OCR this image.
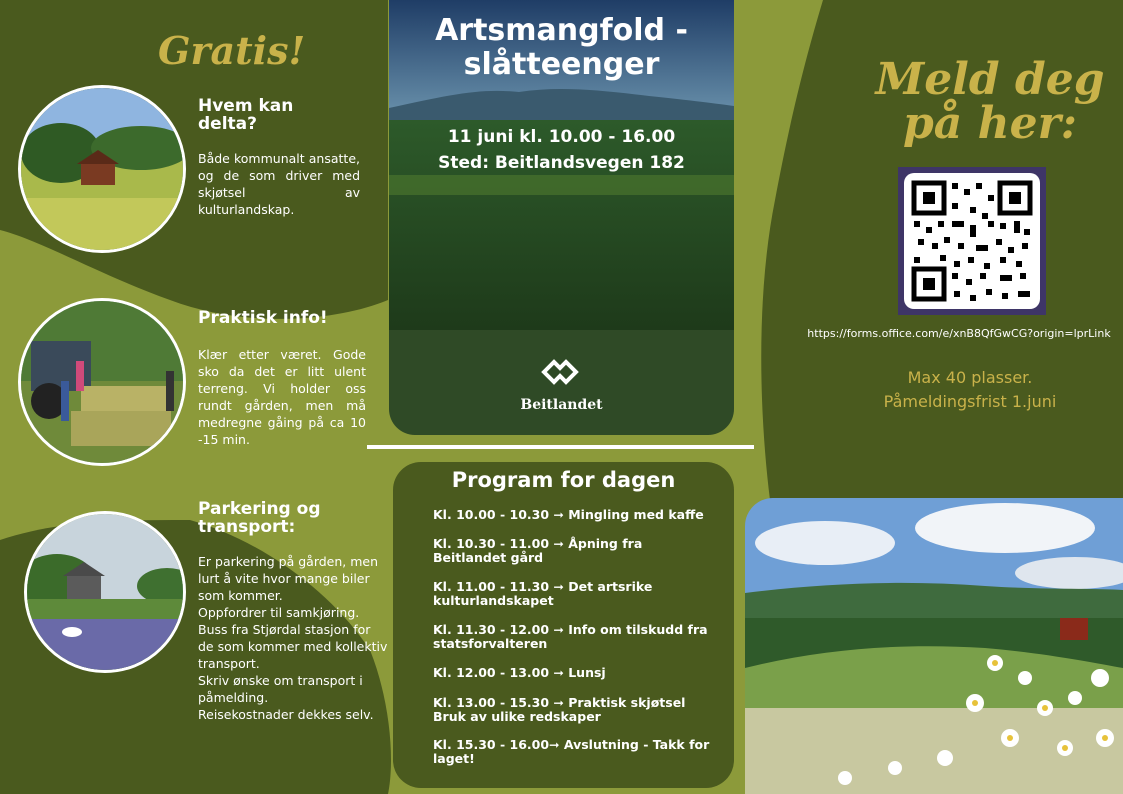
Gratis!
Hvem kan delta?
Både kommunalt ansatte, og de som driver med skjøtsel av kulturlandskap.
Praktisk info!
Klær etter været. Gode sko da det er litt ulent terreng. Vi holder oss rundt gården, men må medregne gåing på ca 10 -15 min.
Parkering og transport:
Er parkering på gården, men lurt å vite hvor mange biler som kommer.
Oppfordrer til samkjøring.
Buss fra Stjørdal stasjon for de som kommer med kollektiv transport.
Skriv ønske om transport i påmelding.
Reisekostnader dekkes selv.
Artsmangfold -
slåtteenger
11 juni kl. 10.00 - 16.00
Sted: Beitlandsvegen 182
Beitlandet
Program for dagen
Kl. 10.00 - 10.30 ➞ Mingling med kaffe
Kl. 10.30 - 11.00 ➞ Åpning fra
Beitlandet gård
Kl. 11.00 - 11.30 ➞ Det artsrike
kulturlandskapet
Kl. 11.30 - 12.00 ➞ Info om tilskudd fra
statsforvalteren
Kl. 12.00 - 13.00 ➞ Lunsj
Kl. 13.00 - 15.30 ➞ Praktisk skjøtsel
Bruk av ulike redskaper
Kl. 15.30 - 16.00➞ Avslutning - Takk for
laget!
Meld deg
på her:
https://forms.office.com/e/xnB8QfGwCG?origin=lprLink
Max 40 plasser.
Påmeldingsfrist 1.juni
